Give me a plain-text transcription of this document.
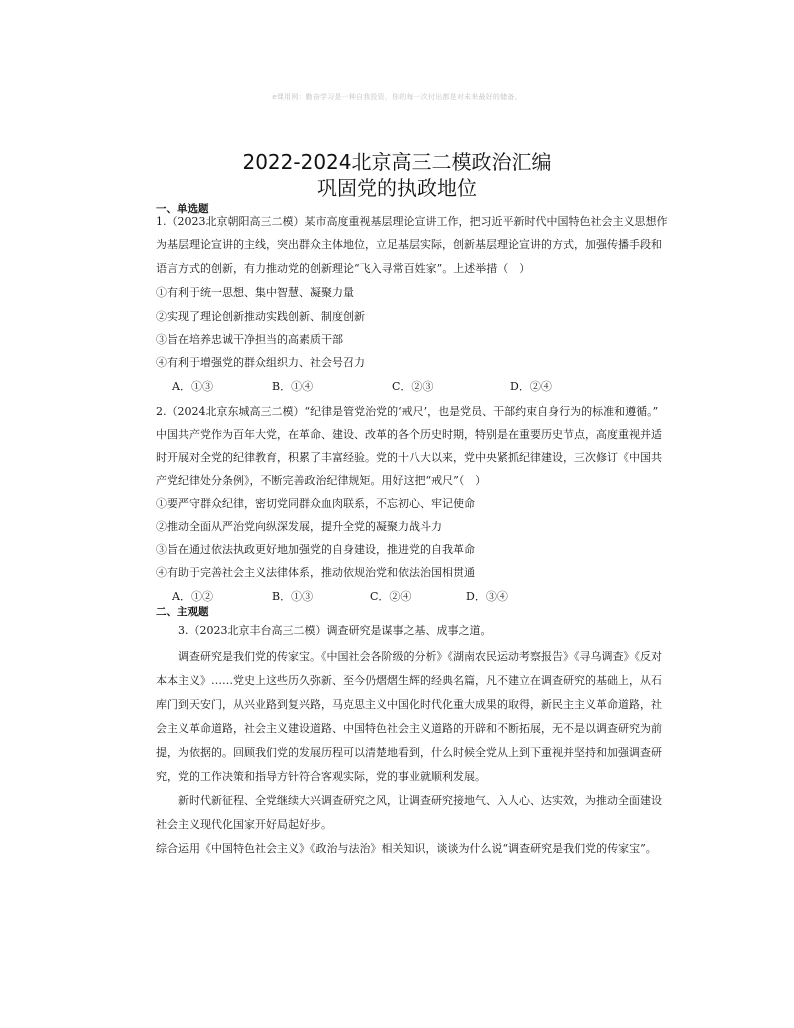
e课用网：勤奋学习是一种自我投资，你的每一次付出都是对未来最好的储备。
2022-2024北京高三二模政治汇编
巩固党的执政地位
一、单选题
1.（2023北京朝阳高三二模）某市高度重视基层理论宣讲工作，把习近平新时代中国特色社会主义思想作
为基层理论宣讲的主线，突出群众主体地位，立足基层实际，创新基层理论宣讲的方式，加强传播手段和
语言方式的创新，有力推动党的创新理论“飞入寻常百姓家”。上述举措（　）
①有利于统一思想、集中智慧、凝聚力量
②实现了理论创新推动实践创新、制度创新
③旨在培养忠诚干净担当的高素质干部
④有利于增强党的群众组织力、社会号召力
A．①③	B．①④	C．②③	D．②④
2.（2024北京东城高三二模）“纪律是管党治党的‘戒尺’，也是党员、干部约束自身行为的标准和遵循。”
中国共产党作为百年大党，在革命、建设、改革的各个历史时期，特别是在重要历史节点，高度重视并适
时开展对全党的纪律教育，积累了丰富经验。党的十八大以来，党中央紧抓纪律建设，三次修订《中国共
产党纪律处分条例》，不断完善政治纪律规矩。用好这把“戒尺”（　）
①要严守群众纪律，密切党同群众血肉联系，不忘初心、牢记使命
②推动全面从严治党向纵深发展，提升全党的凝聚力战斗力
③旨在通过依法执政更好地加强党的自身建设，推进党的自我革命
④有助于完善社会主义法律体系，推动依规治党和依法治国相贯通
A．①②	B．①③	C．②④	D．③④
二、主观题
3.（2023北京丰台高三二模）调查研究是谋事之基、成事之道。
调查研究是我们党的传家宝。《中国社会各阶级的分析》《湖南农民运动考察报告》《寻乌调查》《反对
本本主义》……党史上这些历久弥新、至今仍熠熠生辉的经典名篇，凡不建立在调查研究的基础上，从石
库门到天安门，从兴业路到复兴路，马克思主义中国化时代化重大成果的取得，新民主主义革命道路，社
会主义革命道路，社会主义建设道路、中国特色社会主义道路的开辟和不断拓展，无不是以调查研究为前
提，为依据的。回顾我们党的发展历程可以清楚地看到，什么时候全党从上到下重视并坚持和加强调查研
究，党的工作决策和指导方针符合客观实际，党的事业就顺利发展。
新时代新征程、全党继续大兴调查研究之风，让调查研究接地气、入人心、达实效，为推动全面建设
社会主义现代化国家开好局起好步。
综合运用《中国特色社会主义》《政治与法治》相关知识，谈谈为什么说“调查研究是我们党的传家宝”。
